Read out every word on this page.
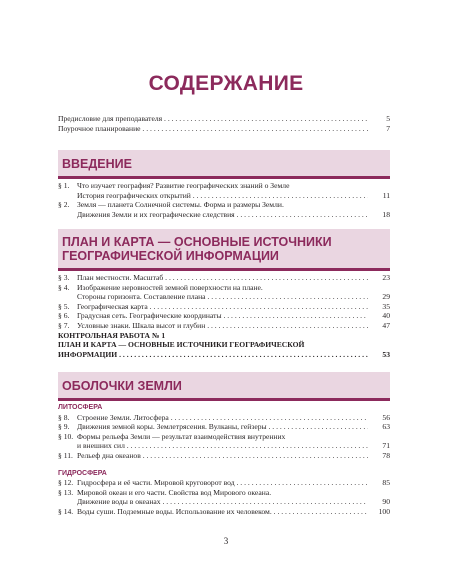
СОДЕРЖАНИЕ
Предисловие для преподавателя . . .	5
Поурочное планирование . . .	7
ВВЕДЕНИЕ
§ 1.	Что изучает география? Развитие географических знаний о Земле
История географических открытий . . .	11
§ 2.	Земля — планета Солнечной системы. Форма и размеры Земли.
Движения Земли и их географические следствия . . .	18
ПЛАН И КАРТА — ОСНОВНЫЕ ИСТОЧНИКИ
ГЕОГРАФИЧЕСКОЙ ИНФОРМАЦИИ
§ 3.	План местности. Масштаб . . .	23
§ 4.	Изображение неровностей земной поверхности на плане.
Стороны горизонта. Составление плана . . .	29
§ 5.	Географическая карта . . .	35
§ 6.	Градусная сеть. Географические координаты . . .	40
§ 7.	Условные знаки. Шкала высот и глубин . . .	47
КОНТРОЛЬНАЯ РАБОТА № 1
ПЛАН И КАРТА — ОСНОВНЫЕ ИСТОЧНИКИ ГЕОГРАФИЧЕСКОЙ
ИНФОРМАЦИИ . . .	53
ОБОЛОЧКИ ЗЕМЛИ
ЛИТОСФЕРА
§ 8.	Строение Земли. Литосфера . . .	56
§ 9.	Движения земной коры. Землетрясения. Вулканы, гейзеры . . .	63
§ 10. Формы рельефа Земли — результат взаимодействия внутренних
и внешних сил . . .	71
§ 11. Рельеф дна океанов . . .	78
ГИДРОСФЕРА
§ 12. Гидросфера и её части. Мировой круговорот вод . . .	85
§ 13. Мировой океан и его части. Свойства вод Мирового океана.
Движение воды в океанах . . .	90
§ 14. Воды суши. Подземные воды. Использование их человеком. . . .	100
3
